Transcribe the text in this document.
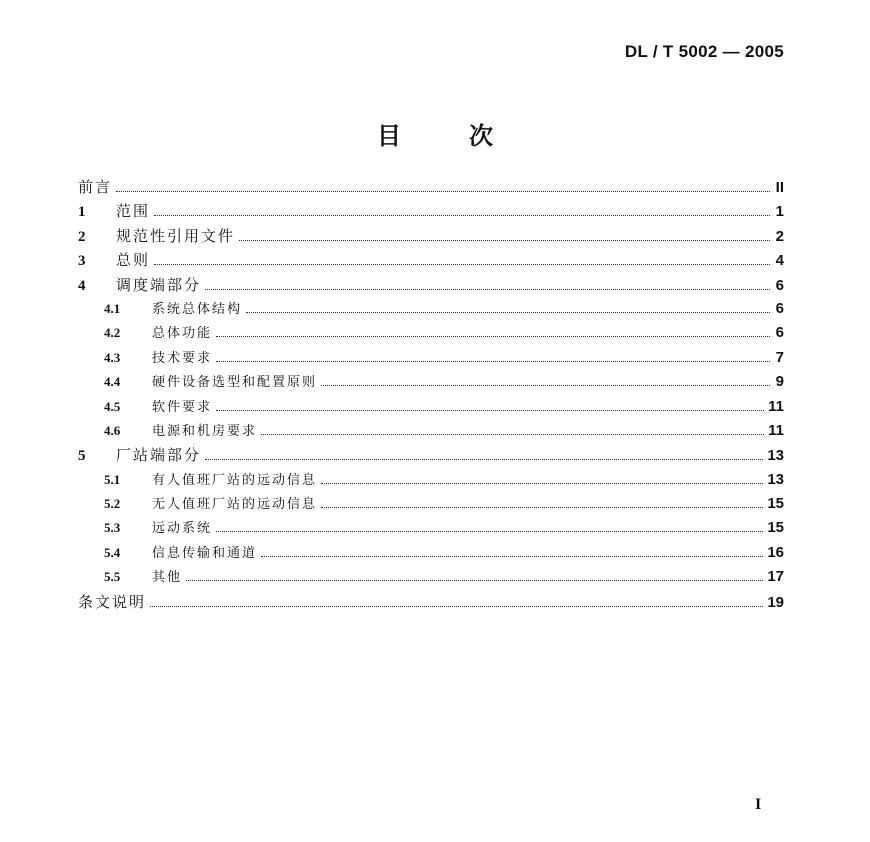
DL / T 5002 — 2005
目	次
前言	II
1	范围	1
2	规范性引用文件	2
3	总则	4
4	调度端部分	6
4.1	系统总体结构	6
4.2	总体功能	6
4.3	技术要求	7
4.4	硬件设备选型和配置原则	9
4.5	软件要求	11
4.6	电源和机房要求	11
5	厂站端部分	13
5.1	有人值班厂站的远动信息	13
5.2	无人值班厂站的远动信息	15
5.3	远动系统	15
5.4	信息传输和通道	16
5.5	其他	17
条文说明	19
I
